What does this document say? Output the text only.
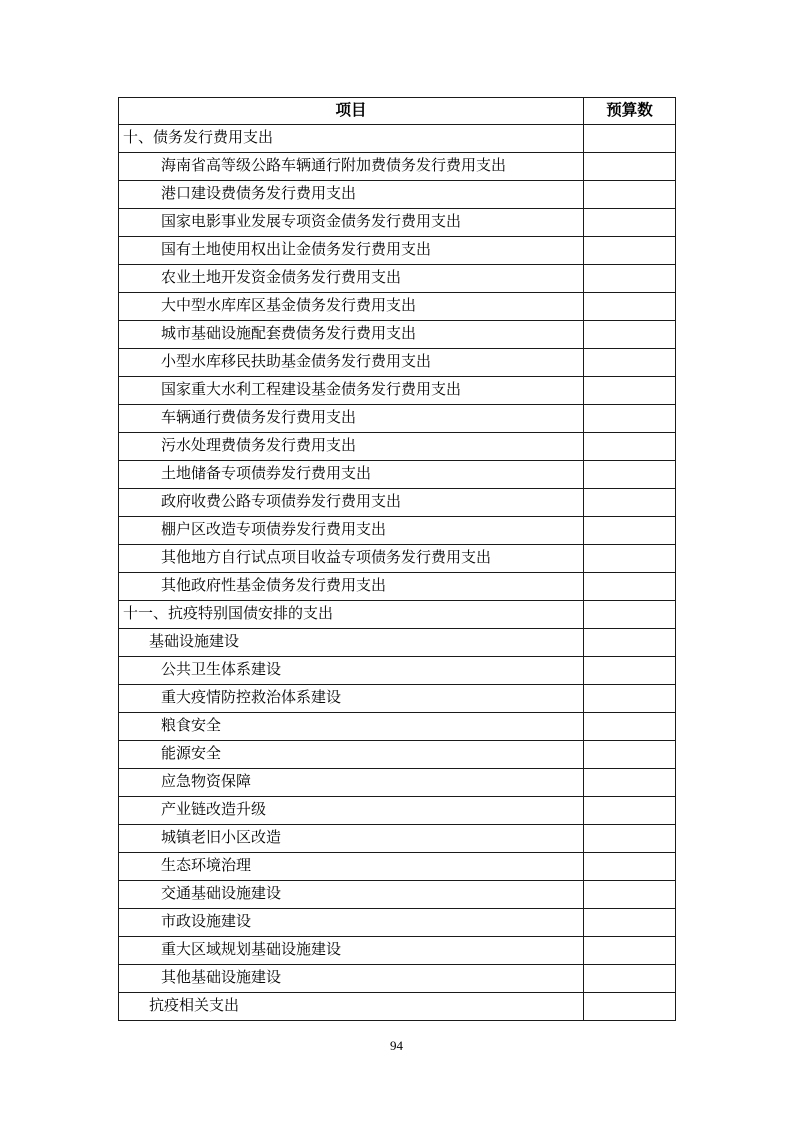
项目	预算数
十、债务发行费用支出	
海南省高等级公路车辆通行附加费债务发行费用支出	
港口建设费债务发行费用支出	
国家电影事业发展专项资金债务发行费用支出	
国有土地使用权出让金债务发行费用支出	
农业土地开发资金债务发行费用支出	
大中型水库库区基金债务发行费用支出	
城市基础设施配套费债务发行费用支出	
小型水库移民扶助基金债务发行费用支出	
国家重大水利工程建设基金债务发行费用支出	
车辆通行费债务发行费用支出	
污水处理费债务发行费用支出	
土地储备专项债券发行费用支出	
政府收费公路专项债券发行费用支出	
棚户区改造专项债券发行费用支出	
其他地方自行试点项目收益专项债务发行费用支出	
其他政府性基金债务发行费用支出	
十一、抗疫特别国债安排的支出	
基础设施建设	
公共卫生体系建设	
重大疫情防控救治体系建设	
粮食安全	
能源安全	
应急物资保障	
产业链改造升级	
城镇老旧小区改造	
生态环境治理	
交通基础设施建设	
市政设施建设	
重大区域规划基础设施建设	
其他基础设施建设	
抗疫相关支出	
94
